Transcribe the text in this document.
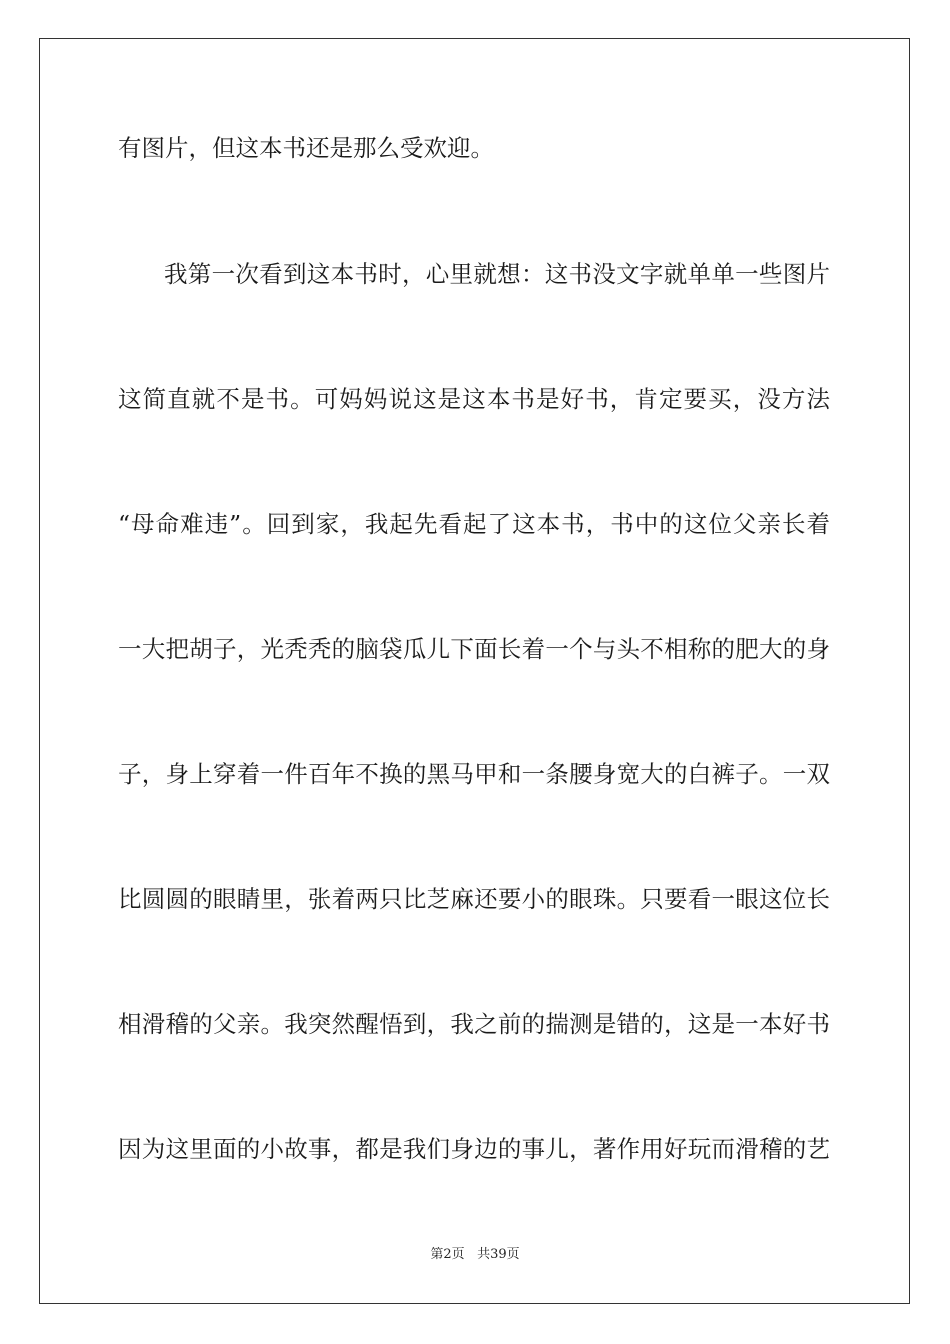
有图片，但这本书还是那么受欢迎。
我第一次看到这本书时，心里就想：这书没文字就单单一些图片
这简直就不是书。可妈妈说这是这本书是好书，肯定要买，没方法
“母命难违”。回到家，我起先看起了这本书，书中的这位父亲长着
一大把胡子，光秃秃的脑袋瓜儿下面长着一个与头不相称的肥大的身
子，身上穿着一件百年不换的黑马甲和一条腰身宽大的白裤子。一双
比圆圆的眼睛里，张着两只比芝麻还要小的眼珠。只要看一眼这位长
相滑稽的父亲。我突然醒悟到，我之前的揣测是错的，这是一本好书
因为这里面的小故事，都是我们身边的事儿，著作用好玩而滑稽的艺
第2页 共39页
